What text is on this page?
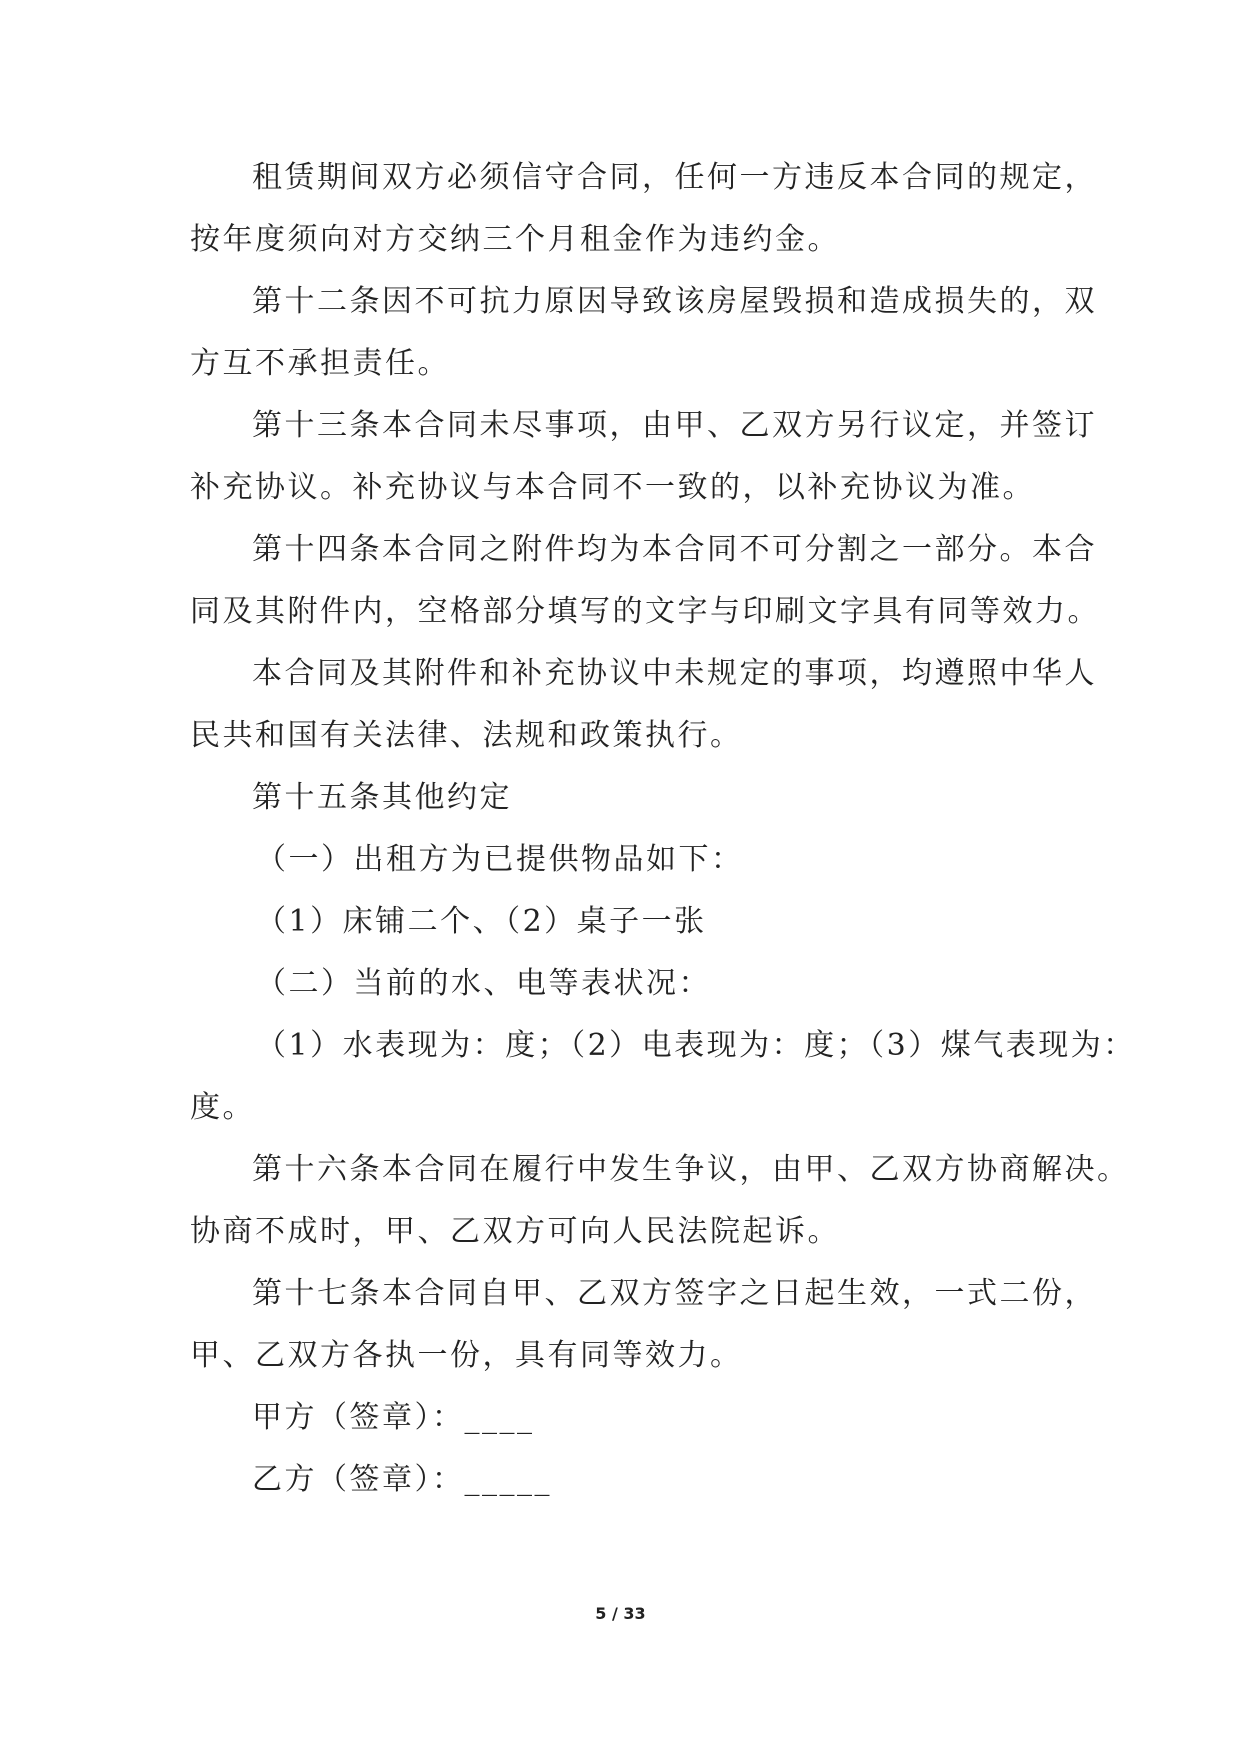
租赁期间双方必须信守合同，任何一方违反本合同的规定，
按年度须向对方交纳三个月租金作为违约金。
第十二条因不可抗力原因导致该房屋毁损和造成损失的，双
方互不承担责任。
第十三条本合同未尽事项，由甲、乙双方另行议定，并签订
补充协议。补充协议与本合同不一致的，以补充协议为准。
第十四条本合同之附件均为本合同不可分割之一部分。本合
同及其附件内，空格部分填写的文字与印刷文字具有同等效力。
本合同及其附件和补充协议中未规定的事项，均遵照中华人
民共和国有关法律、法规和政策执行。
第十五条其他约定
（一）出租方为已提供物品如下：
（1）床铺二个、（2）桌子一张
（二）当前的水、电等表状况：
（1）水表现为：度；（2）电表现为：度；（3）煤气表现为：
度。
第十六条本合同在履行中发生争议，由甲、乙双方协商解决。
协商不成时，甲、乙双方可向人民法院起诉。
第十七条本合同自甲、乙双方签字之日起生效，一式二份，
甲、乙双方各执一份，具有同等效力。
甲方（签章）：____
乙方（签章）：_____
5 / 33
